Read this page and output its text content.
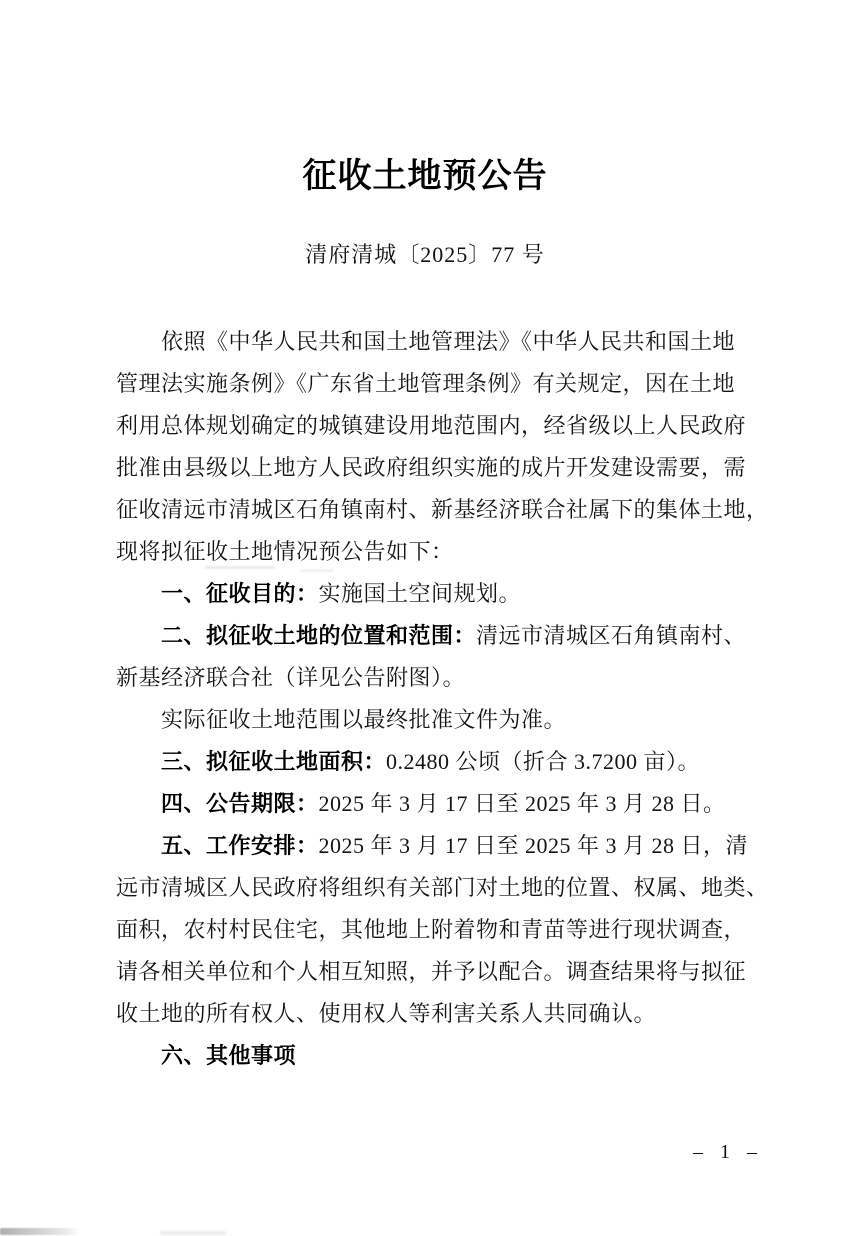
征收土地预公告
清府清城〔2025〕77 号
依照《中华人民共和国土地管理法》《中华人民共和国土地
管理法实施条例》《广东省土地管理条例》有关规定，因在土地
利用总体规划确定的城镇建设用地范围内，经省级以上人民政府
批准由县级以上地方人民政府组织实施的成片开发建设需要，需
征收清远市清城区石角镇南村、新基经济联合社属下的集体土地，
现将拟征收土地情况预公告如下：
一、征收目的：实施国土空间规划。
二、拟征收土地的位置和范围：清远市清城区石角镇南村、
新基经济联合社（详见公告附图）。
实际征收土地范围以最终批准文件为准。
三、拟征收土地面积：0.2480 公顷（折合 3.7200 亩）。
四、公告期限：2025 年 3 月 17 日至 2025 年 3 月 28 日。
五、工作安排：2025 年 3 月 17 日至 2025 年 3 月 28 日，清
远市清城区人民政府将组织有关部门对土地的位置、权属、地类、
面积，农村村民住宅，其他地上附着物和青苗等进行现状调查，
请各相关单位和个人相互知照，并予以配合。调查结果将与拟征
收土地的所有权人、使用权人等利害关系人共同确认。
六、其他事项
– 1 –
